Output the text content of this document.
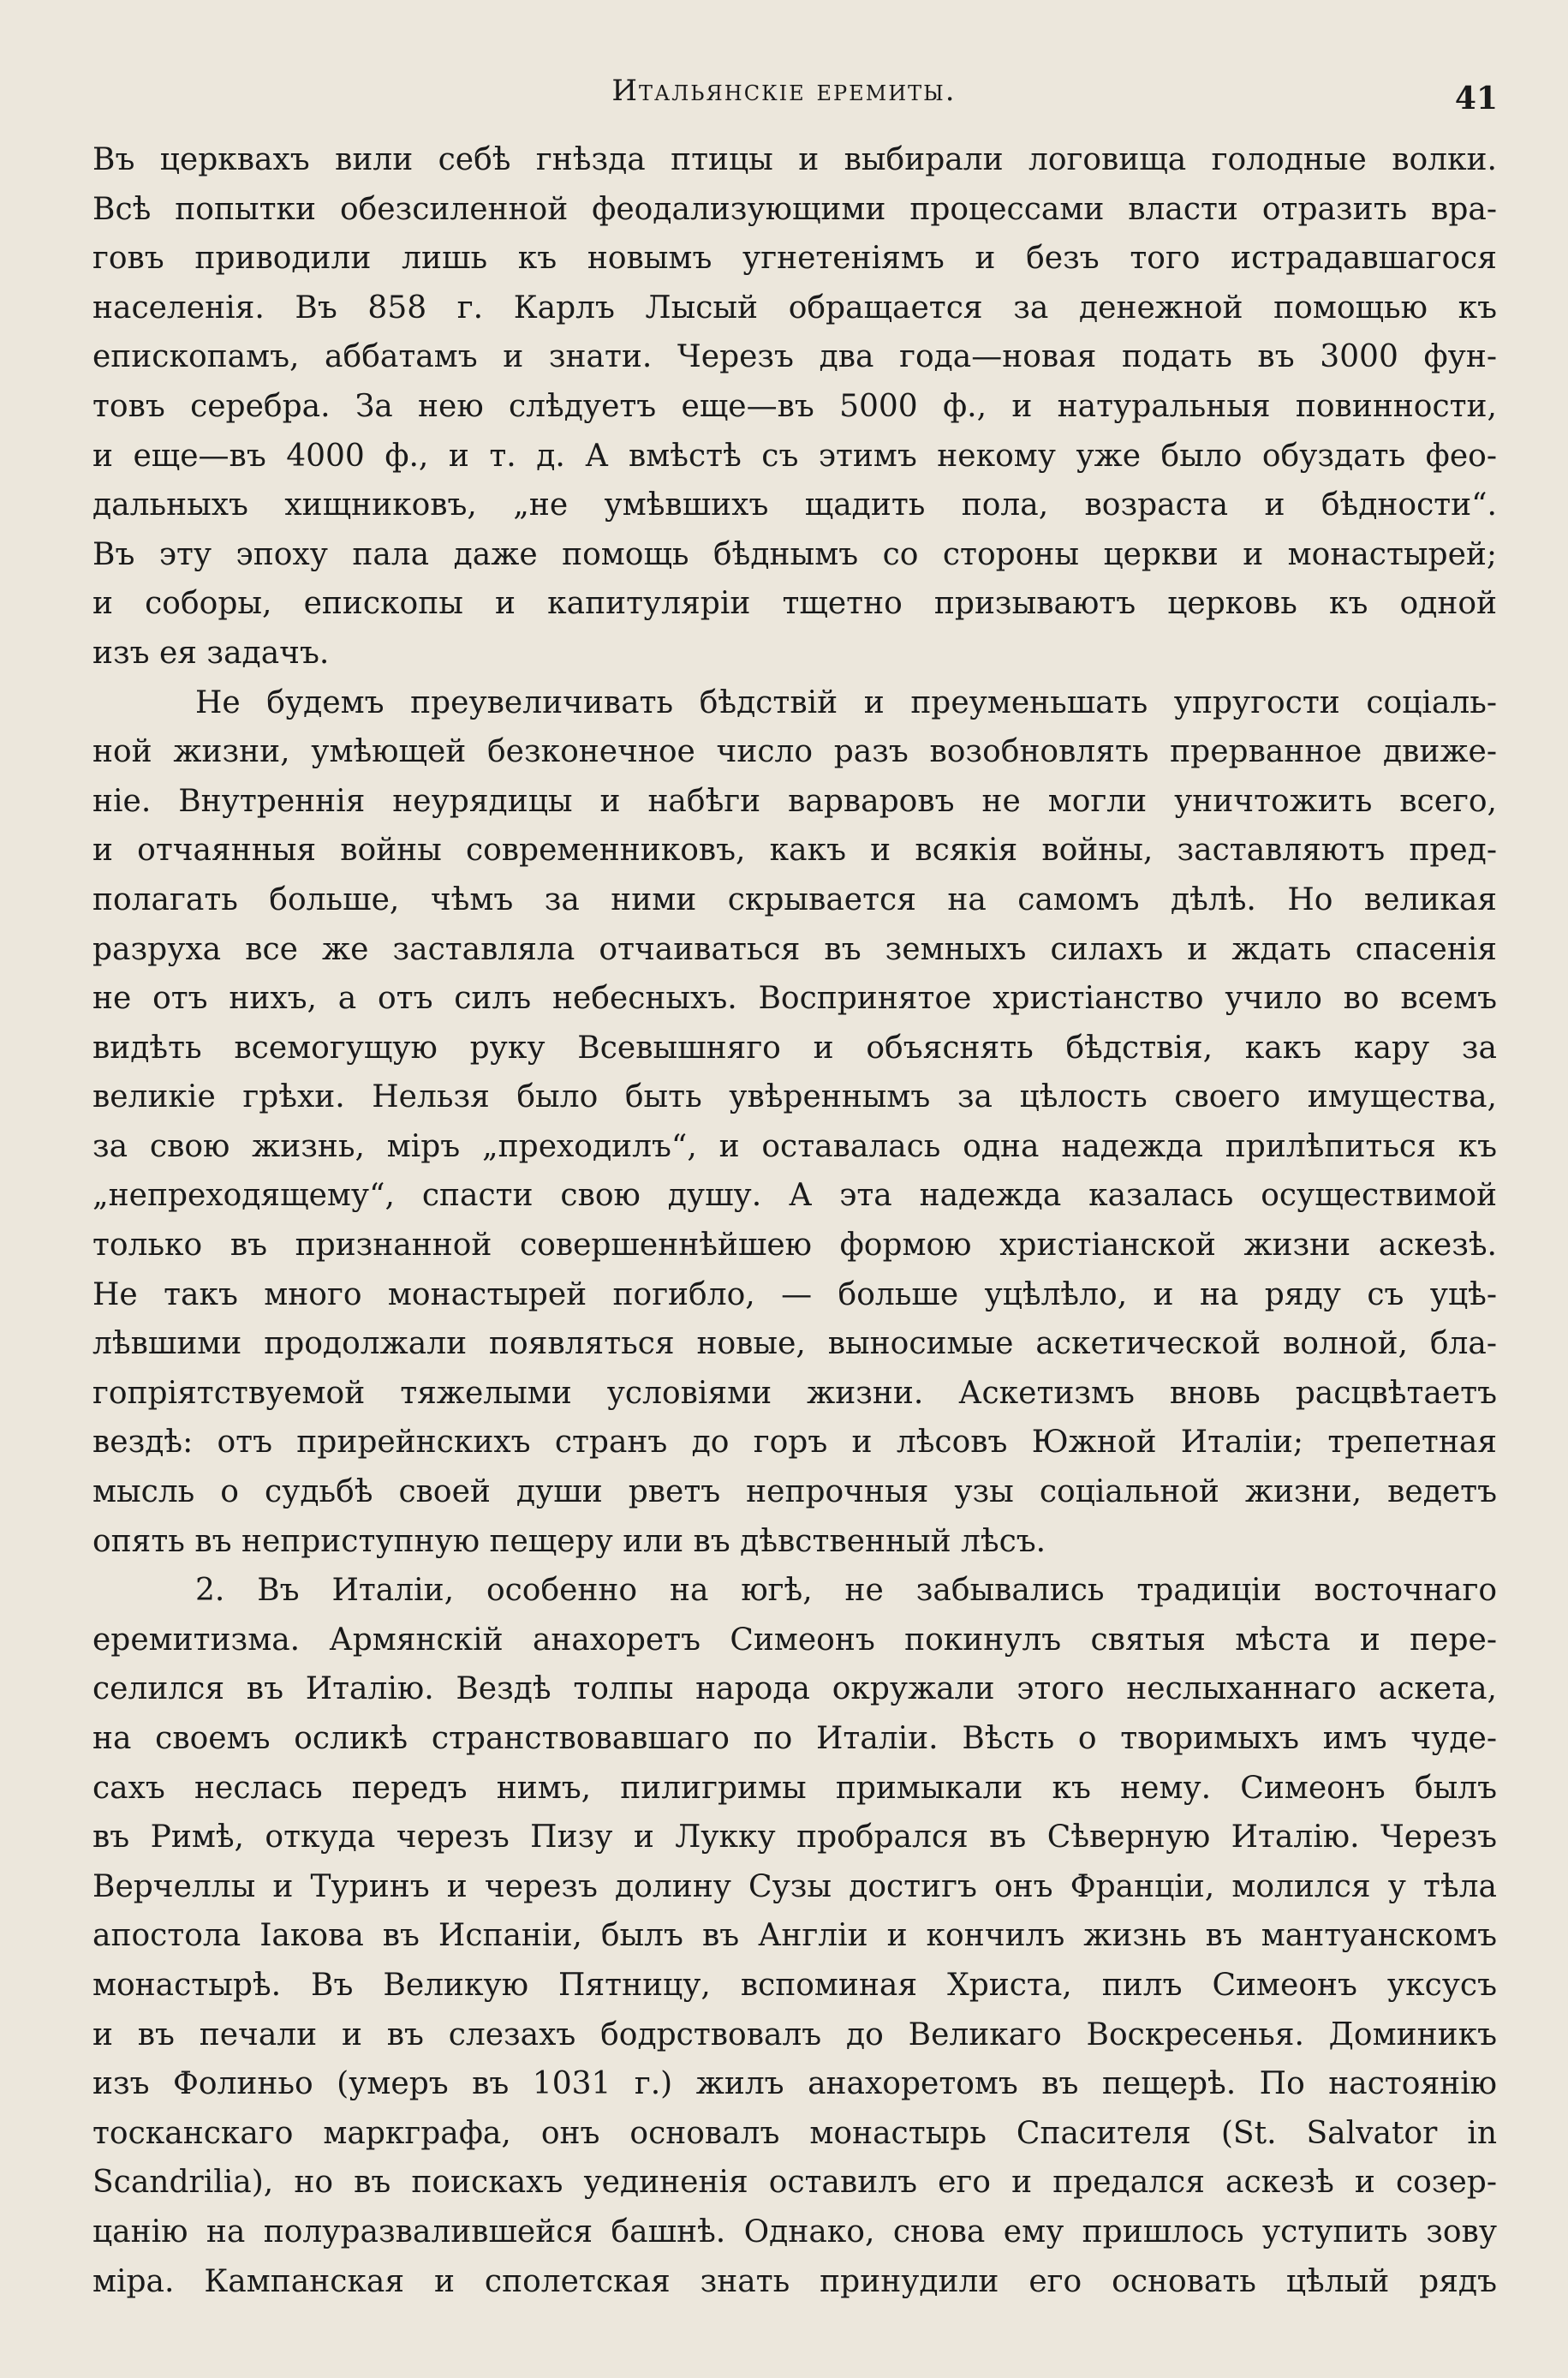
Итальянскіе еремиты.	41
Въ церквахъ вили себѣ гнѣзда птицы и выбирали логовища голодные волки.
Всѣ попытки обезсиленной феодализующими процессами власти отразить вра-
говъ приводили лишь къ новымъ угнетеніямъ и безъ того истрадавшагося
населенія. Въ 858 г. Карлъ Лысый обращается за денежной помощью къ
епископамъ, аббатамъ и знати. Черезъ два года—новая подать въ 3000 фун-
товъ серебра. За нею слѣдуетъ еще—въ 5000 ф., и натуральныя повинности,
и еще—въ 4000 ф., и т. д. А вмѣстѣ съ этимъ некому уже было обуздать фео-
дальныхъ хищниковъ, „не умѣвшихъ щадить пола, возраста и бѣдности“.
Въ эту эпоху пала даже помощь бѣднымъ со стороны церкви и монастырей;
и соборы, епископы и капитуляріи тщетно призываютъ церковь къ одной
изъ ея задачъ.
Не будемъ преувеличивать бѣдствій и преуменьшать упругости соціаль-
ной жизни, умѣющей безконечное число разъ возобновлять прерванное движе-
ніе. Внутреннія неурядицы и набѣги варваровъ не могли уничтожить всего,
и отчаянныя войны современниковъ, какъ и всякія войны, заставляютъ пред-
полагать больше, чѣмъ за ними скрывается на самомъ дѣлѣ. Но великая
разруха все же заставляла отчаиваться въ земныхъ силахъ и ждать спасенія
не отъ нихъ, а отъ силъ небесныхъ. Воспринятое христіанство учило во всемъ
видѣть всемогущую руку Всевышняго и объяснять бѣдствія, какъ кару за
великіе грѣхи. Нельзя было быть увѣреннымъ за цѣлость своего имущества,
за свою жизнь, міръ „преходилъ“, и оставалась одна надежда прилѣпиться къ
„непреходящему“, спасти свою душу. А эта надежда казалась осуществимой
только въ признанной совершеннѣйшею формою христіанской жизни аскезѣ.
Не такъ много монастырей погибло, — больше уцѣлѣло, и на ряду съ уцѣ-
лѣвшими продолжали появляться новые, выносимые аскетической волной, бла-
гопріятствуемой тяжелыми условіями жизни. Аскетизмъ вновь расцвѣтаетъ
вездѣ: отъ прирейнскихъ странъ до горъ и лѣсовъ Южной Италіи; трепетная
мысль о судьбѣ своей души рветъ непрочныя узы соціальной жизни, ведетъ
опять въ неприступную пещеру или въ дѣвственный лѣсъ.
2. Въ Италіи, особенно на югѣ, не забывались традиціи восточнаго
еремитизма. Армянскій анахоретъ Симеонъ покинулъ святыя мѣста и пере-
селился въ Италію. Вездѣ толпы народа окружали этого неслыханнаго аскета,
на своемъ осликѣ странствовавшаго по Италіи. Вѣсть о творимыхъ имъ чуде-
сахъ неслась передъ нимъ, пилигримы примыкали къ нему. Симеонъ былъ
въ Римѣ, откуда черезъ Пизу и Лукку пробрался въ Сѣверную Италію. Черезъ
Верчеллы и Туринъ и черезъ долину Сузы достигъ онъ Франціи, молился у тѣла
апостола Іакова въ Испаніи, былъ въ Англіи и кончилъ жизнь въ мантуанскомъ
монастырѣ. Въ Великую Пятницу, вспоминая Христа, пилъ Симеонъ уксусъ
и въ печали и въ слезахъ бодрствовалъ до Великаго Воскресенья. Доминикъ
изъ Фолиньо (умеръ въ 1031 г.) жилъ анахоретомъ въ пещерѣ. По настоянію
тосканскаго маркграфа, онъ основалъ монастырь Спасителя (St. Salvator in
Scandrilia), но въ поискахъ уединенія оставилъ его и предался аскезѣ и созер-
цанію на полуразвалившейся башнѣ. Однако, снова ему пришлось уступить зову
міра. Кампанская и сполетская знать принудили его основать цѣлый рядъ
